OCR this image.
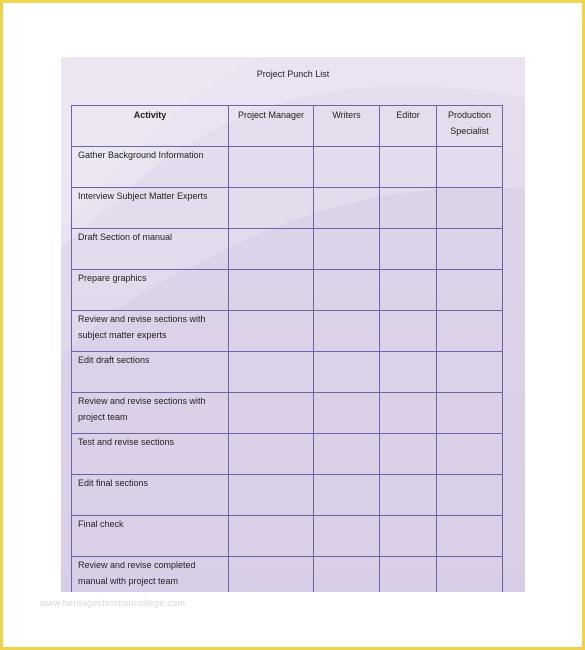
Project Punch List
Activity	Project Manager	Writers	Editor	Production Specialist
Gather Background Information				
Interview Subject Matter Experts				
Draft Section of manual				
Prepare graphics				
Review and revise sections with subject matter experts				
Edit draft sections				
Review and revise sections with project team				
Test and revise sections				
Edit final sections				
Final check				
Review and revise completed manual with project team				
www.heritagechristiancollege.com
